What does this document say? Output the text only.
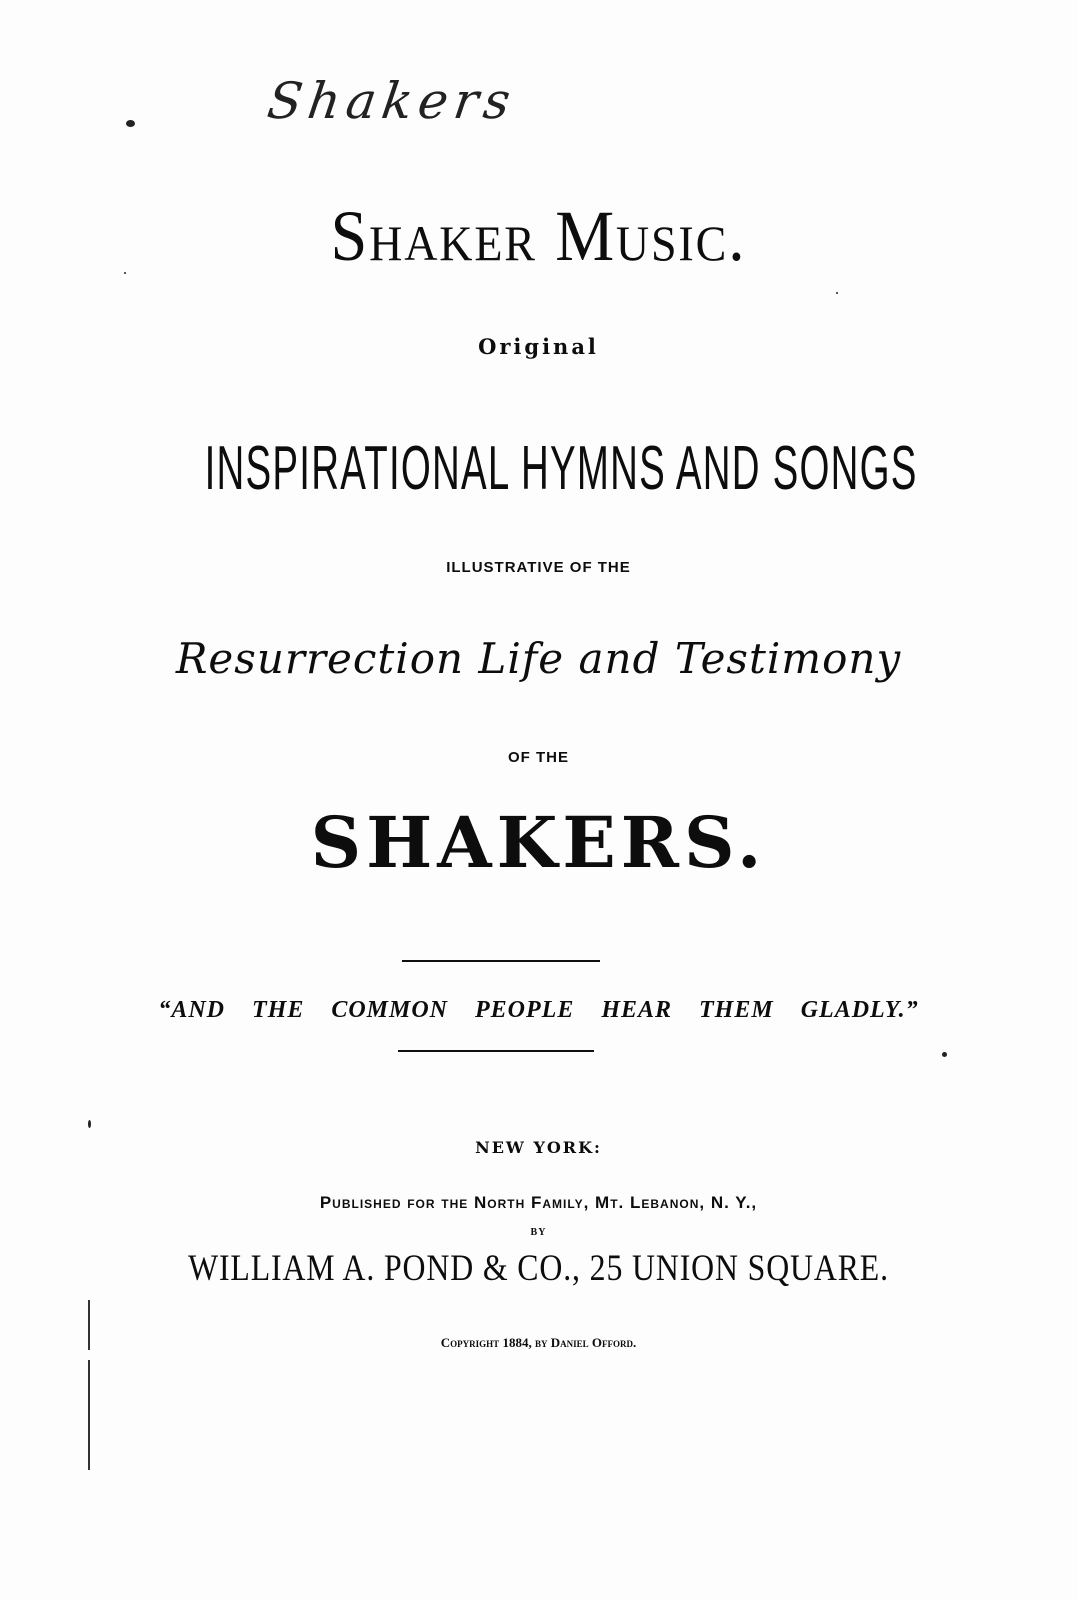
Shakers
Shaker Music.
Original
INSPIRATIONAL HYMNS AND SONGS
ILLUSTRATIVE OF THE
Resurrection Life and Testimony
OF THE
SHAKERS.
“AND THE COMMON PEOPLE HEAR THEM GLADLY.”
NEW YORK:
Published for the North Family, Mt. Lebanon, N. Y.,
BY
WILLIAM A. POND & CO., 25 UNION SQUARE.
Copyright 1884, by Daniel Offord.
